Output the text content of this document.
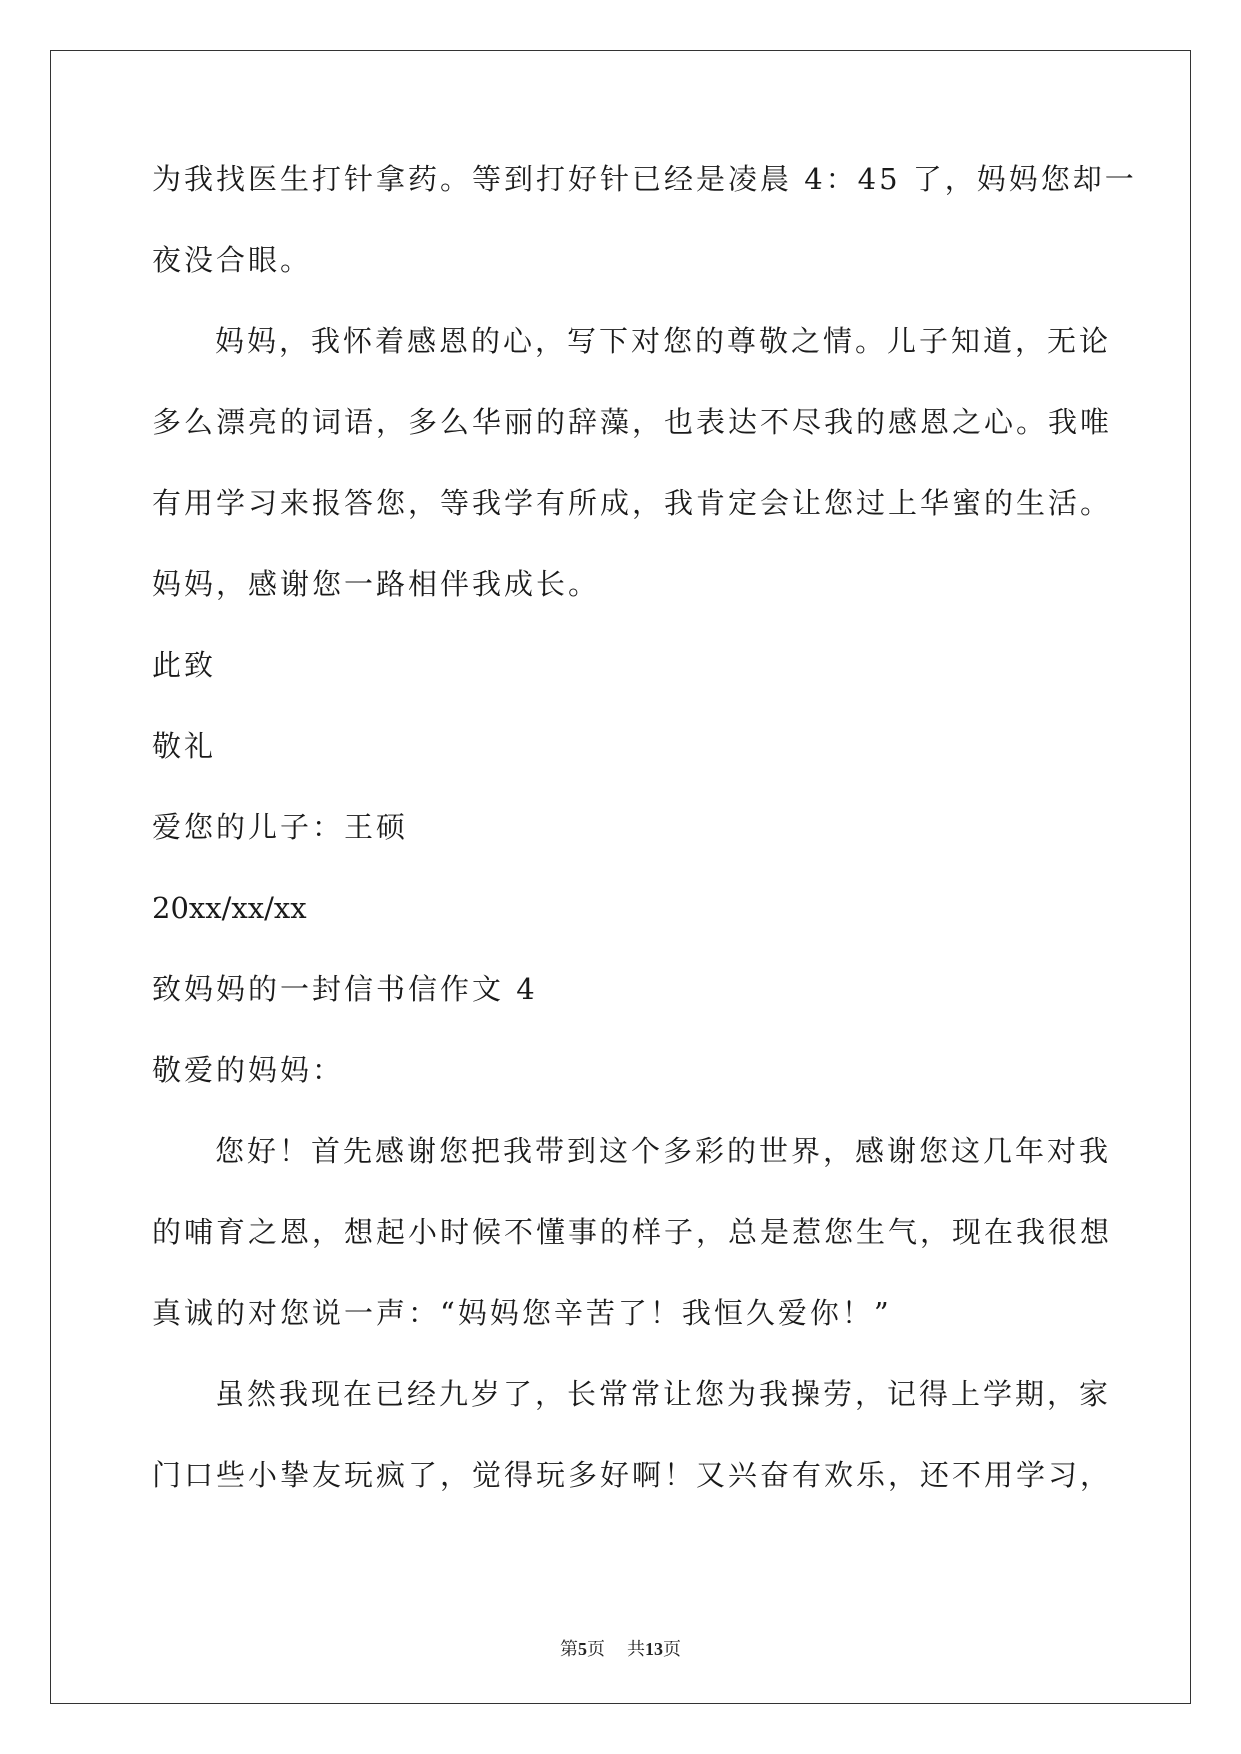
为我找医生打针拿药。等到打好针已经是凌晨 4：45 了，妈妈您却一
夜没合眼。
妈妈，我怀着感恩的心，写下对您的尊敬之情。儿子知道，无论
多么漂亮的词语，多么华丽的辞藻，也表达不尽我的感恩之心。我唯
有用学习来报答您，等我学有所成，我肯定会让您过上华蜜的生活。
妈妈，感谢您一路相伴我成长。
此致
敬礼
爱您的儿子：王硕
20xx/xx/xx
致妈妈的一封信书信作文 4
敬爱的妈妈：
您好！首先感谢您把我带到这个多彩的世界，感谢您这几年对我
的哺育之恩，想起小时候不懂事的样子，总是惹您生气，现在我很想
真诚的对您说一声：“妈妈您辛苦了！我恒久爱你！”
虽然我现在已经九岁了，长常常让您为我操劳，记得上学期，家
门口些小挚友玩疯了，觉得玩多好啊！又兴奋有欢乐，还不用学习，
第5页 共13页
